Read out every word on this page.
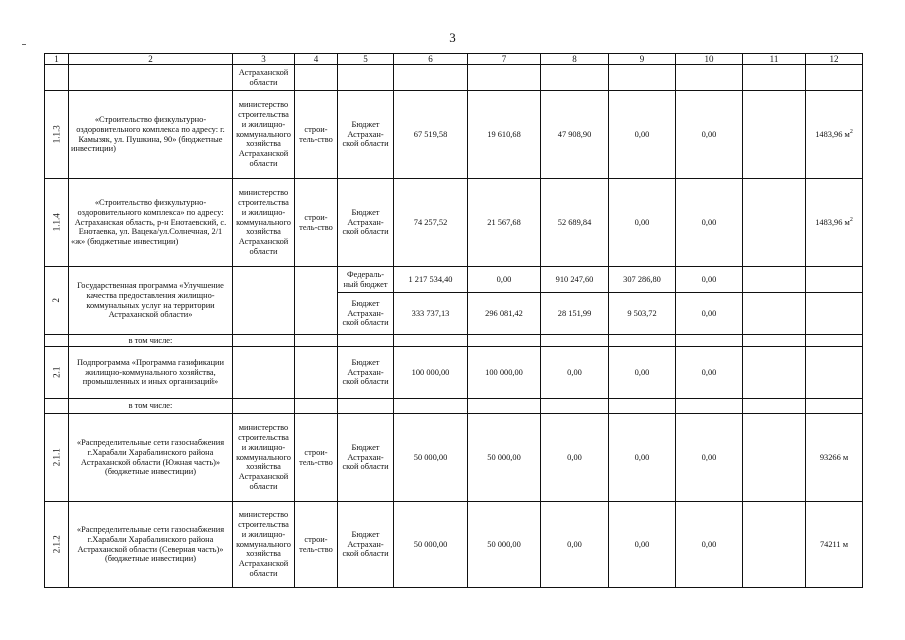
3
1	2	3	4	5	6	7	8	9	10	11	12
		Астраханской области									
1.1.3	«Строительство физкультурно-оздоровительного комплекса по адресу: г. Камызяк, ул. Пушкина, 90» (бюджетные инвестиции)	министерство строительства и жилищно-коммунального хозяйства Астраханской области	строи-тель-ство	Бюджет Астрахан-ской области	67 519,58	19 610,68	47 908,90	0,00	0,00		1483,96 $м^2$
1.1.4	«Строительство физкультурно-оздоровительного комплекса» по адресу: Астраханская область, р-н Енотаевский, с. Енотаевка, ул. Вацека/ул.Солнечная, 2/1 «ж» (бюджетные инвестиции)	министерство строительства и жилищно-коммунального хозяйства Астраханской области	строи-тель-ство	Бюджет Астрахан-ской области	74 257,52	21 567,68	52 689,84	0,00	0,00		1483,96 $м^2$
2	Государственная программа «Улучшение качества предоставления жилищно-коммунальных услуг на территории Астраханской области»			Федераль-ный бюджет	1 217 534,40	0,00	910 247,60	307 286,80	0,00		
				Бюджет Астрахан-ской области	333 737,13	296 081,42	28 151,99	9 503,72	0,00		
	в том числе:										
2.1	Подпрограмма «Программа газификации жилищно-коммунального хозяйства, промышленных и иных организаций»			Бюджет Астрахан-ской области	100 000,00	100 000,00	0,00	0,00	0,00		
	в том числе:										
2.1.1	«Распределительные сети газоснабжения г.Харабали Харабалинского района Астраханской области (Южная часть)» (бюджетные инвестиции)	министерство строительства и жилищно-коммунального хозяйства Астраханской области	строи-тель-ство	Бюджет Астрахан-ской области	50 000,00	50 000,00	0,00	0,00	0,00		93266 м
2.1.2	«Распределительные сети газоснабжения г.Харабали Харабалинского района Астраханской области (Северная часть)» (бюджетные инвестиции)	министерство строительства и жилищно-коммунального хозяйства Астраханской области	строи-тель-ство	Бюджет Астрахан-ской области	50 000,00	50 000,00	0,00	0,00	0,00		74211 м
